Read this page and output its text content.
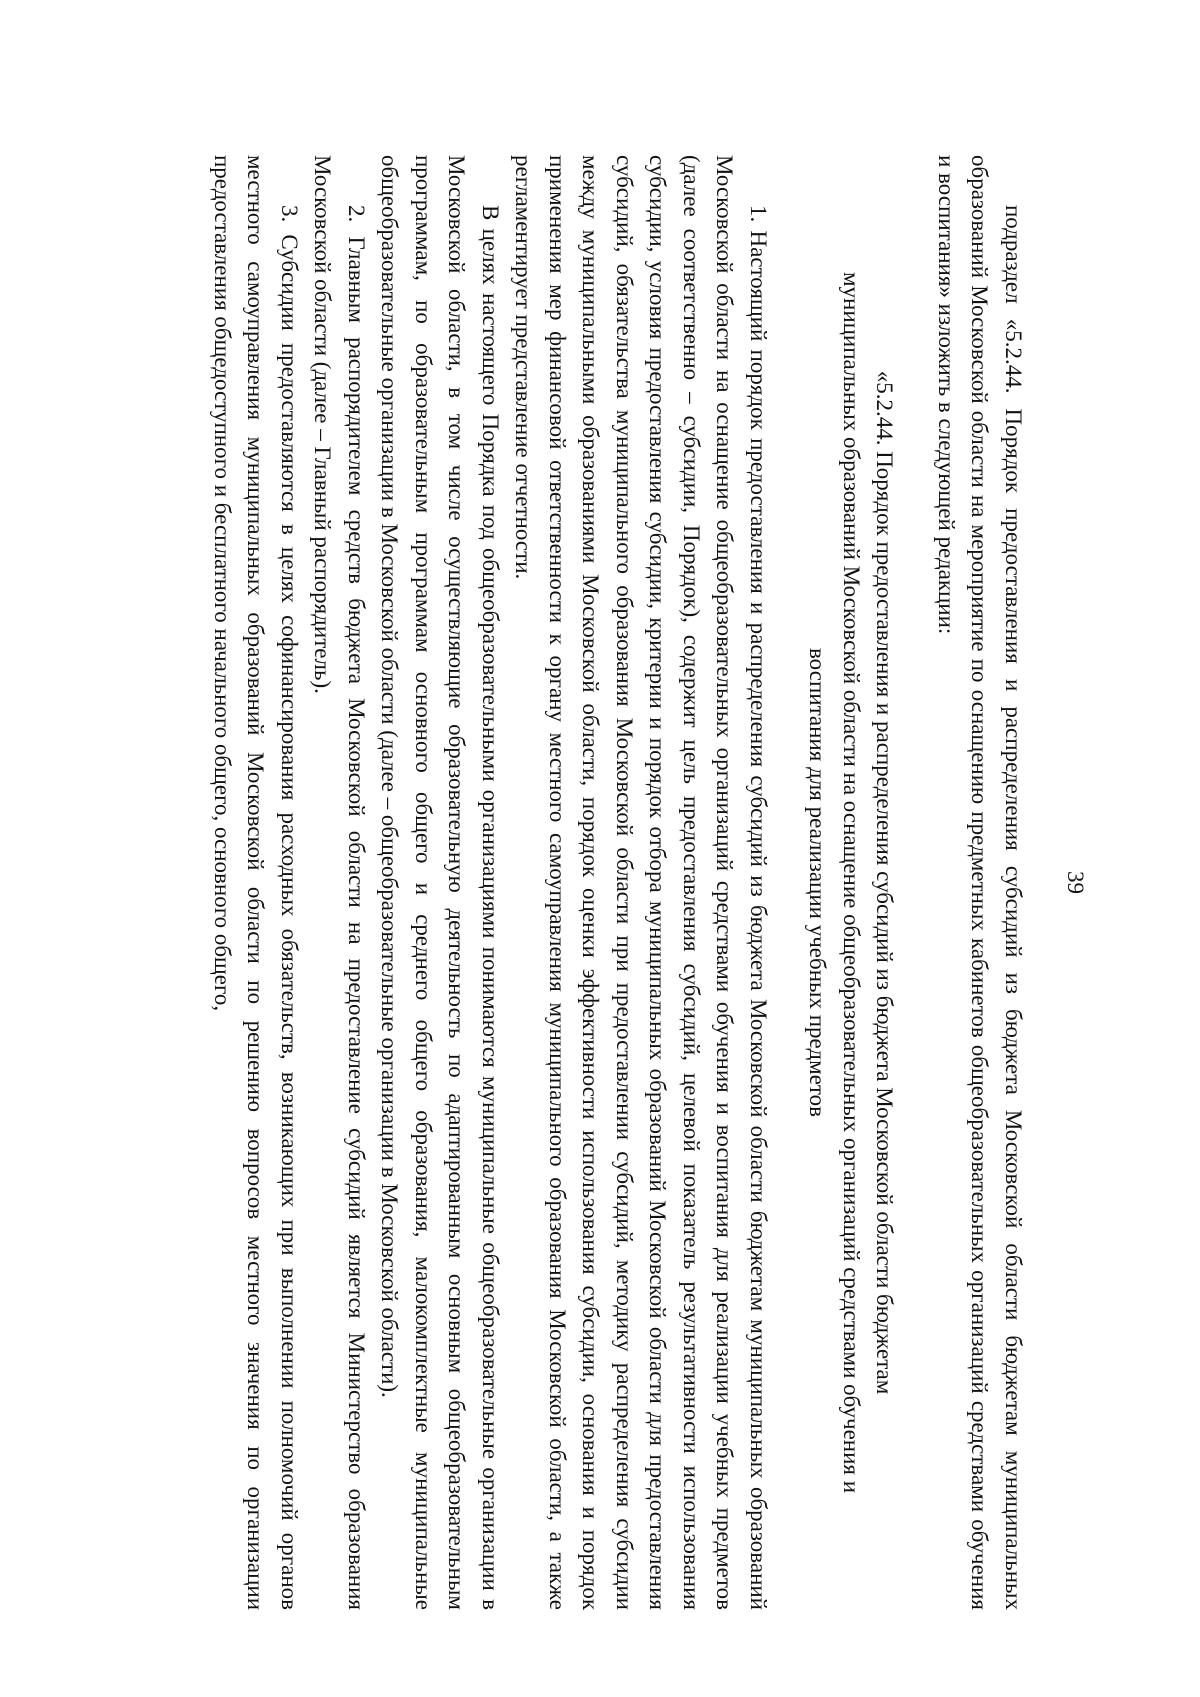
39

подраздел «5.2.44. Порядок предоставления и распределения субсидий из бюджета Московской области бюджетам муниципальных образований Московской области на мероприятие по оснащению предметных кабинетов общеобразовательных организаций средствами обучения и воспитания» изложить в следующей редакции:

«5.2.44. Порядок предоставления и распределения субсидий из бюджета Московской области бюджетам
муниципальных образований Московской области на оснащение общеобразовательных организаций средствами обучения и
воспитания для реализации учебных предметов

1. Настоящий порядок предоставления и распределения субсидий из бюджета Московской области бюджетам муниципальных образований Московской области на оснащение общеобразовательных организаций средствами обучения и воспитания для реализации учебных предметов (далее соответственно – субсидии, Порядок), содержит цель предоставления субсидий, целевой показатель результативности использования субсидии, условия предоставления субсидии, критерии и порядок отбора муниципальных образований Московской области для предоставления субсидий, обязательства муниципального образования Московской области при предоставлении субсидий, методику распределения субсидии между муниципальными образованиями Московской области, порядок оценки эффективности использования субсидии, основания и порядок применения мер финансовой ответственности к органу местного самоуправления муниципального образования Московской области, а также регламентирует представление отчетности.

В целях настоящего Порядка под общеобразовательными организациями понимаются муниципальные общеобразовательные организации в Московской области, в том числе осуществляющие образовательную деятельность по адаптированным основным общеобразовательным программам, по образовательным программам основного общего и среднего общего образования, малокомплектные муниципальные общеобразовательные организации в Московской области (далее – общеобразовательные организации в Московской области).

2. Главным распорядителем средств бюджета Московской области на предоставление субсидий является Министерство образования Московской области (далее – Главный распорядитель).

3. Субсидии предоставляются в целях софинансирования расходных обязательств, возникающих при выполнении полномочий органов местного самоуправления муниципальных образований Московской области по решению вопросов местного значения по организации предоставления общедоступного и бесплатного начального общего, основного общего,
